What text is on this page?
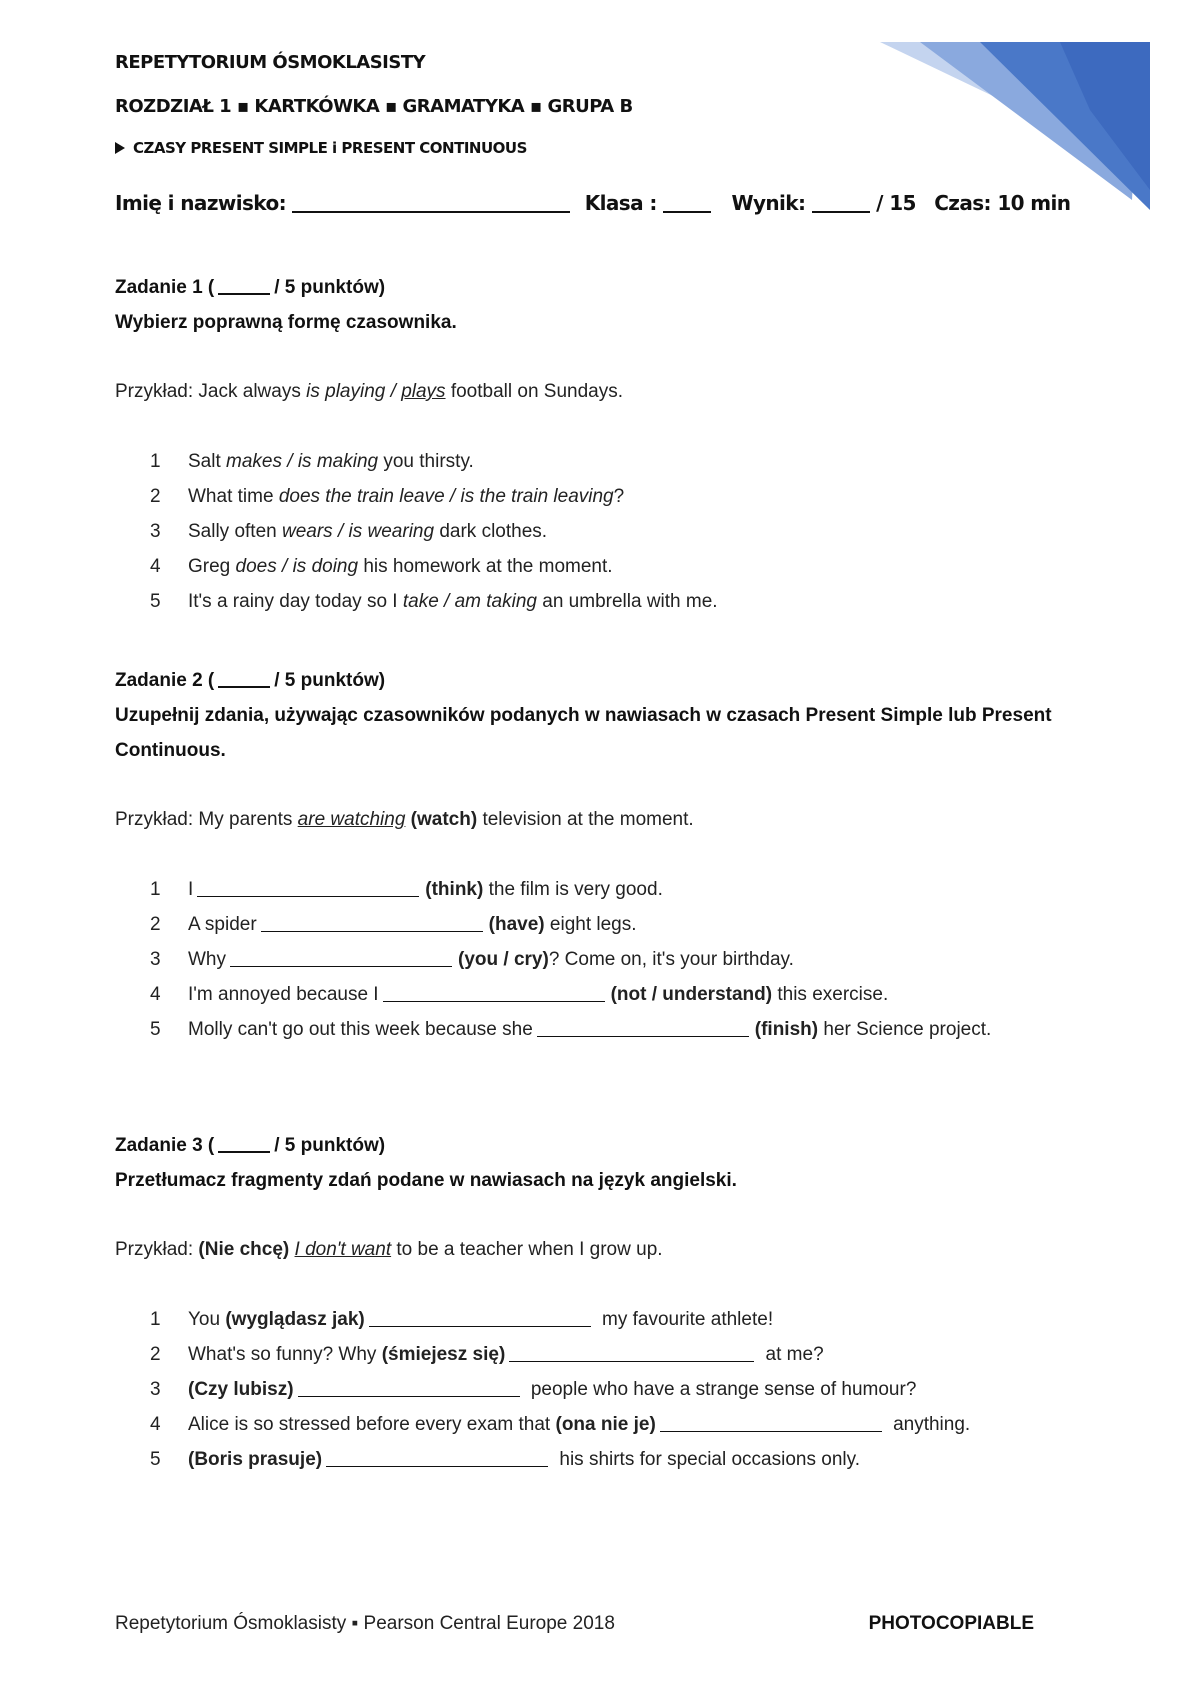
REPETYTORIUM ÓSMOKLASISTY
ROZDZIAŁ 1 ▪ KARTKÓWKA ▪ GRAMATYKA ▪ GRUPA B
CZASY PRESENT SIMPLE i PRESENT CONTINUOUS
Imię i nazwisko:	Klasa :	Wynik:	/ 15 Czas: 10 min
Zadanie 1 (	/ 5 punktów)
Wybierz poprawną formę czasownika.
Przykład: Jack always is playing / plays football on Sundays.
1 Salt makes / is making you thirsty.
2 What time does the train leave / is the train leaving?
3 Sally often wears / is wearing dark clothes.
4 Greg does / is doing his homework at the moment.
5 It's a rainy day today so I take / am taking an umbrella with me.
Zadanie 2 (	/ 5 punktów)
Uzupełnij zdania, używając czasowników podanych w nawiasach w czasach Present Simple lub Present Continuous.
Przykład: My parents are watching (watch) television at the moment.
1 I	(think) the film is very good.
2 A spider	(have) eight legs.
3 Why	(you / cry)? Come on, it's your birthday.
4 I'm annoyed because I	(not / understand) this exercise.
5 Molly can't go out this week because she	(finish) her Science project.
Zadanie 3 (	/ 5 punktów)
Przetłumacz fragmenty zdań podane w nawiasach na język angielski.
Przykład: (Nie chcę) I don't want to be a teacher when I grow up.
1 You (wyglądasz jak)	my favourite athlete!
2 What's so funny? Why (śmiejesz się)	at me?
3 (Czy lubisz)	people who have a strange sense of humour?
4 Alice is so stressed before every exam that (ona nie je)	anything.
5 (Boris prasuje)	his shirts for special occasions only.
Repetytorium Ósmoklasisty ▪ Pearson Central Europe 2018	PHOTOCOPIABLE
